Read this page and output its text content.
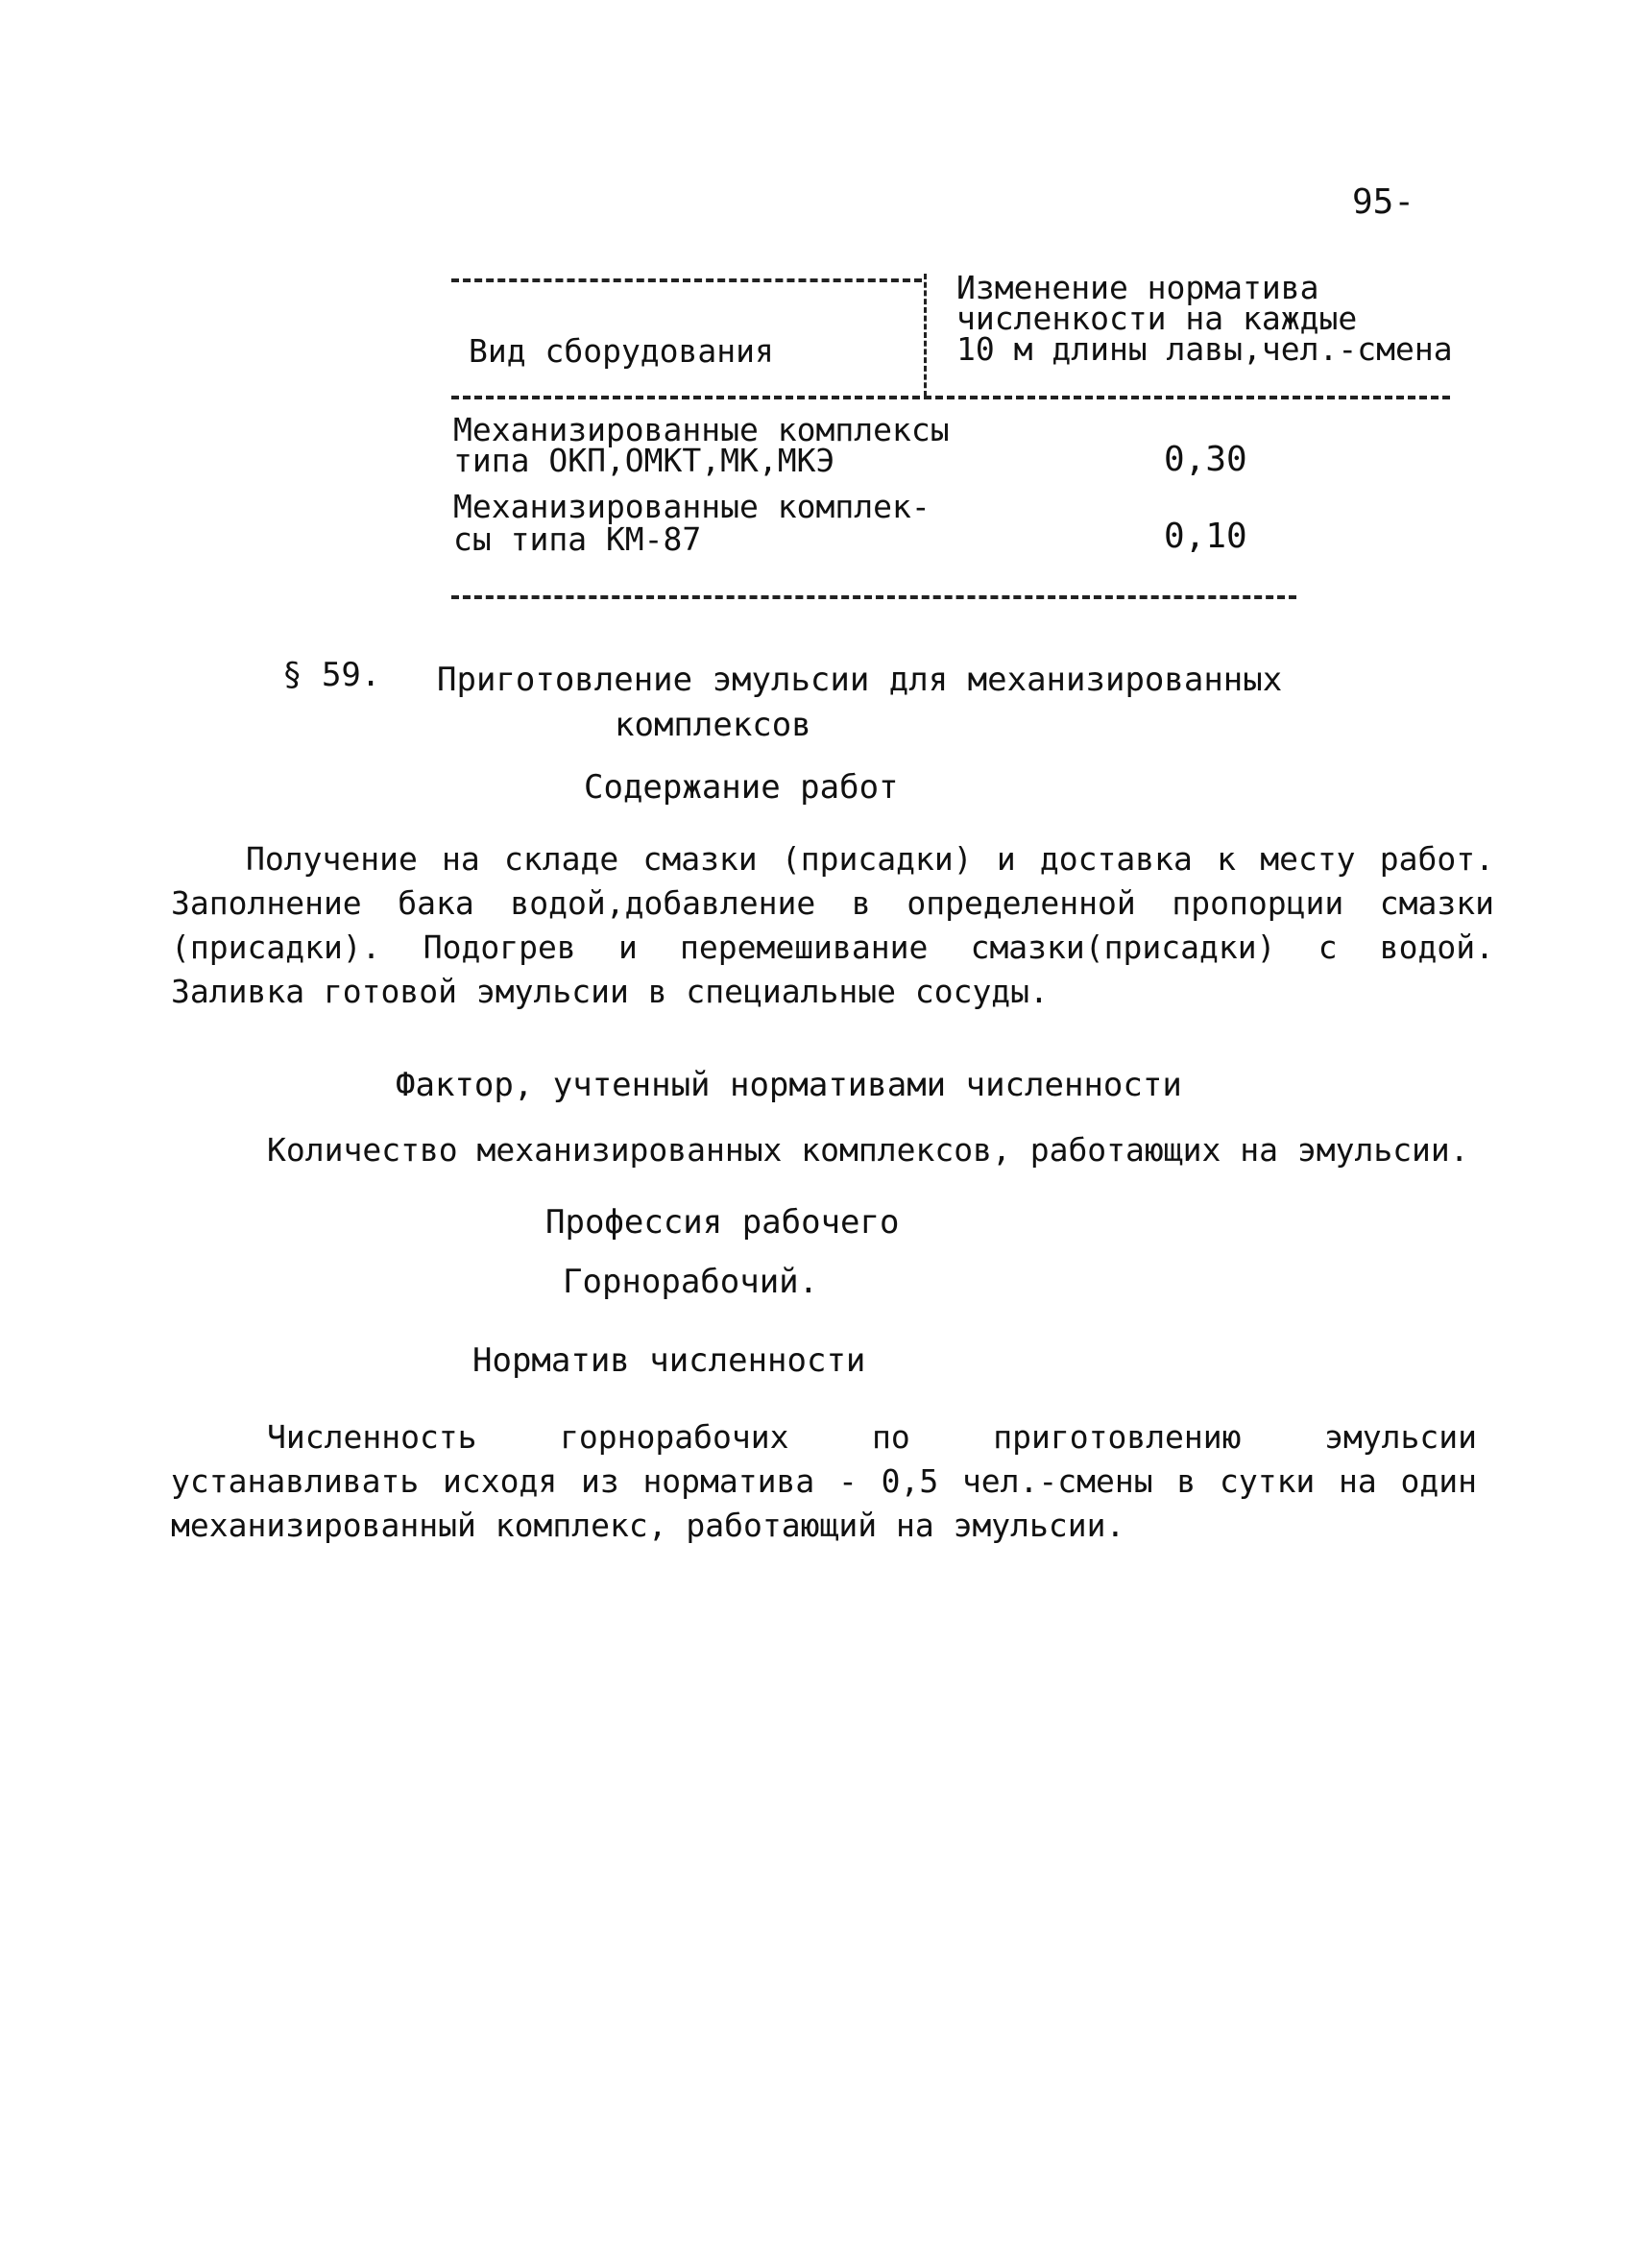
95-
Изменение норматива
численкости на каждые
10 м длины лавы,чел.-смена
Вид сборудования
Механизированные комплексы
типа ОКП,ОМКТ,МК,МКЭ	0,30
Механизированные комплек-
сы типа КМ-87	0,10
§ 59. Приготовление эмульсии для механизированных
комплексов
Содержание работ
Получение на складе смазки (присадки) и доставка к месту работ. Заполнение бака водой,добавление в определенной пропорции смазки (присадки). Подогрев и перемешивание смазки(присадки) с водой. Заливка готовой эмульсии в специальные сосуды.
Фактор, учтенный нормативами численности
Количество механизированных комплексов, работающих на эмульсии.
Профессия рабочего
Горнорабочий.
Норматив численности
Численность горнорабочих по приготовлению эмульсии устанавливать исходя из норматива - 0,5 чел.-смены в сутки на один механизированный комплекс, работающий на эмульсии.
